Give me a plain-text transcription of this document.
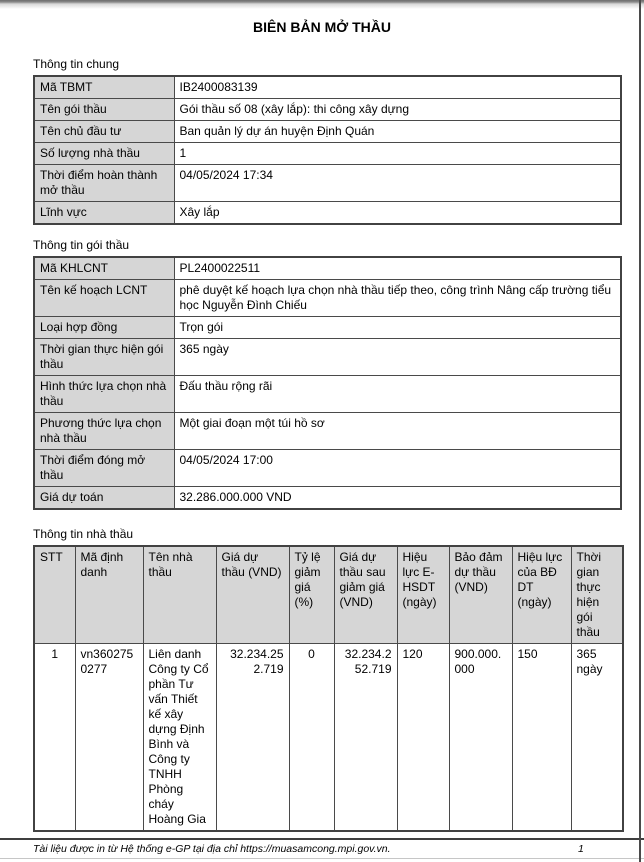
BIÊN BẢN MỞ THẦU
Thông tin chung
Mã TBMT	IB2400083139
Tên gói thầu	Gói thầu số 08 (xây lắp): thi công xây dựng
Tên chủ đầu tư	Ban quản lý dự án huyện Định Quán
Số lượng nhà thầu	1
Thời điểm hoàn thành mở thầu	04/05/2024 17:34
Lĩnh vực	Xây lắp
Thông tin gói thầu
Mã KHLCNT	PL2400022511
Tên kế hoạch LCNT	phê duyệt kế hoạch lựa chọn nhà thầu tiếp theo, công trình Nâng cấp trường tiểu học Nguyễn Đình Chiếu
Loại hợp đồng	Trọn gói
Thời gian thực hiện gói thầu	365 ngày
Hình thức lựa chọn nhà thầu	Đấu thầu rộng rãi
Phương thức lựa chọn nhà thầu	Một giai đoạn một túi hồ sơ
Thời điểm đóng mở thầu	04/05/2024 17:00
Giá dự toán	32.286.000.000 VND
Thông tin nhà thầu
STT	Mã định danh	Tên nhà thầu	Giá dự thầu (VND)	Tỷ lệ giảm giá (%)	Giá dự thầu sau giảm giá (VND)	Hiệu lực E-HSDT (ngày)	Bảo đảm dự thầu (VND)	Hiệu lực của BĐ DT (ngày)	Thời gian thực hiện gói thầu
1	vn3602750277	Liên danh Công ty Cổ phần Tư vấn Thiết kế xây dựng Định Bình và Công ty TNHH Phòng cháy Hoàng Gia	32.234.252.719	0	32.234.252.719	120	900.000.000	150	365 ngày
Tài liệu được in từ Hệ thống e-GP tại địa chỉ https://muasamcong.mpi.gov.vn.	1
